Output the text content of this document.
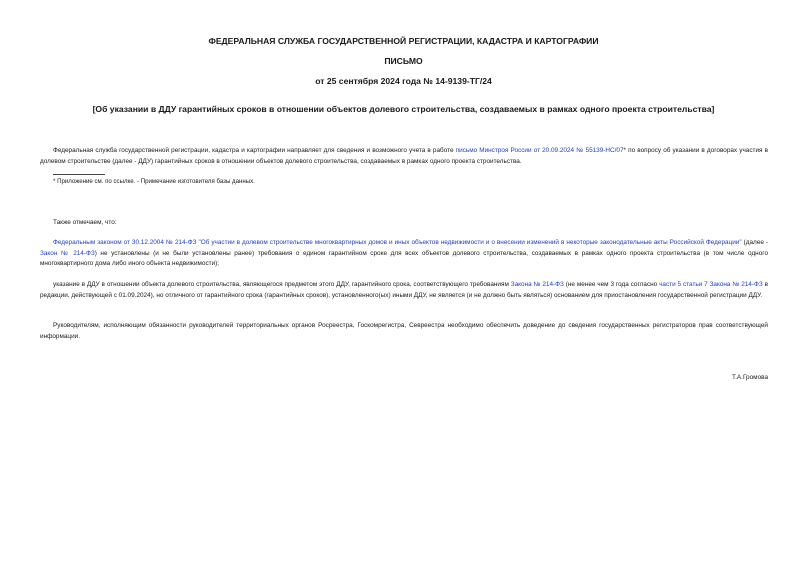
ФЕДЕРАЛЬНАЯ СЛУЖБА ГОСУДАРСТВЕННОЙ РЕГИСТРАЦИИ, КАДАСТРА И КАРТОГРАФИИ

ПИСЬМО

от 25 сентября 2024 года № 14-9139-ТГ/24

[Об указании в ДДУ гарантийных сроков в отношении объектов долевого строительства, создаваемых в рамках одного проекта строительства]

Федеральная служба государственной регистрации, кадастра и картографии направляет для сведения и возможного учета в работе письмо Минстроя России от 20.09.2024 № 55139-НС/07* по вопросу об указании в договорах участия в долевом строительстве (далее - ДДУ) гарантийных сроков в отношении объектов долевого строительства, создаваемых в рамках одного проекта строительства.

* Приложение см. по ссылке. - Примечание изготовителя базы данных.

Также отмечаем, что:

Федеральным законом от 30.12.2004 № 214-ФЗ "Об участии в долевом строительстве многоквартирных домов и иных объектов недвижимости и о внесении изменений в некоторые законодательные акты Российской Федерации" (далее - Закон № 214-ФЗ) не установлены (и не были установлены ранее) требования о едином гарантийном сроке для всех объектов долевого строительства, создаваемых в рамках одного проекта строительства (в том числе одного многоквартирного дома либо иного объекта недвижимости);

указание в ДДУ в отношении объекта долевого строительства, являющегося предметом этого ДДУ, гарантийного срока, соответствующего требованиям Закона № 214-ФЗ (не менее чем 3 года согласно части 5 статьи 7 Закона № 214-ФЗ в редакции, действующей с 01.09.2024), но отличного от гарантийного срока (гарантийных сроков), установленного(ых) иными ДДУ, не является (и не должно быть являться) основанием для приостановления государственной регистрации ДДУ.

Руководителям, исполняющим обязанности руководителей территориальных органов Росреестра, Госкомрегистра, Севреестра необходимо обеспечить доведение до сведения государственных регистраторов прав соответствующей информации.

Т.А.Громова
